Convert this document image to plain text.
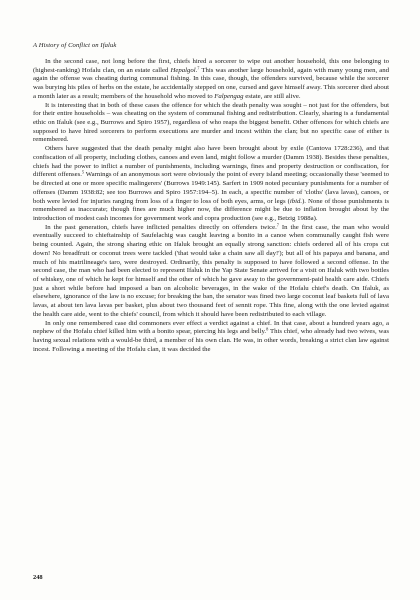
A History of Conflict on Ifaluk

In the second case, not long before the first, chiefs hired a sorcerer to wipe out another household, this one belonging to (highest-ranking) Hofalu clan, on an estate called Hepalgol.$^7$ This was another large household, again with many young men, and again the offense was cheating during communal fishing. In this case, though, the offenders survived, because while the sorcerer was burying his piles of herbs on the estate, he accidentally stepped on one, cursed and gave himself away. This sorcerer died about a month later as a result; members of the household who moved to Falpengag estate, are still alive.

It is interesting that in both of these cases the offence for which the death penalty was sought – not just for the offenders, but for their entire households – was cheating on the system of communal fishing and redistribution. Clearly, sharing is a fundamental ethic on Ifaluk (see e.g., Burrows and Spiro 1957), regardless of who reaps the biggest benefit. Other offences for which chiefs are supposed to have hired sorcerers to perform executions are murder and incest within the clan; but no specific case of either is remembered.

Others have suggested that the death penalty might also have been brought about by exile (Cantova 1728:236), and that confiscation of all property, including clothes, canoes and even land, might follow a murder (Damm 1938). Besides these penalties, chiefs had the power to inflict a number of punishments, including warnings, fines and property destruction or confiscation, for different offenses.$^5$ Warnings of an anonymous sort were obviously the point of every island meeting; occasionally these 'seemed to be directed at one or more specific malingerers' (Burrows 1949:145). Sarfert in 1909 noted pecuniary punishments for a number of offenses (Damm 1938:82; see too Burrows and Spiro 1957:194–5). In each, a specific number of 'cloths' (lava lavas), canoes, or both were levied for injuries ranging from loss of a finger to loss of both eyes, arms, or legs (ibid.). None of those punishments is remembered as inaccurate; though fines are much higher now, the difference might be due to inflation brought about by the introduction of modest cash incomes for government work and copra production (see e.g., Betzig 1988a).

In the past generation, chiefs have inflicted penalties directly on offenders twice.$^7$ In the first case, the man who would eventually succeed to chieftainship of Saufelachig was caught leaving a bonito in a canoe when communally caught fish were being counted. Again, the strong sharing ethic on Ifaluk brought an equally strong sanction: chiefs ordered all of his crops cut down! No breadfruit or coconut trees were tackled ('that would take a chain saw all day!'); but all of his papaya and banana, and much of his matrilineage's taro, were destroyed. Ordinarily, this penalty is supposed to have followed a second offense. In the second case, the man who had been elected to represent Ifaluk in the Yap State Senate arrived for a visit on Ifaluk with two bottles of whiskey, one of which he kept for himself and the other of which he gave away to the government-paid health care aide. Chiefs just a short while before had imposed a ban on alcoholic beverages, in the wake of the Hofalu chief's death. On Ifaluk, as elsewhere, ignorance of the law is no excuse; for breaking the ban, the senator was fined two large coconut leaf baskets full of lava lavas, at about ten lava lavas per basket, plus about two thousand feet of sennit rope. This fine, along with the one levied against the health care aide, went to the chiefs' council, from which it should have been redistributed to each village.

In only one remembered case did commoners ever effect a verdict against a chief. In that case, about a hundred years ago, a nephew of the Hofalu chief killed him with a bonito spear, piercing his legs and belly.$^8$ This chief, who already had two wives, was having sexual relations with a would-be third, a member of his own clan. He was, in other words, breaking a strict clan law against incest. Following a meeting of the Hofalu clan, it was decided the

248
